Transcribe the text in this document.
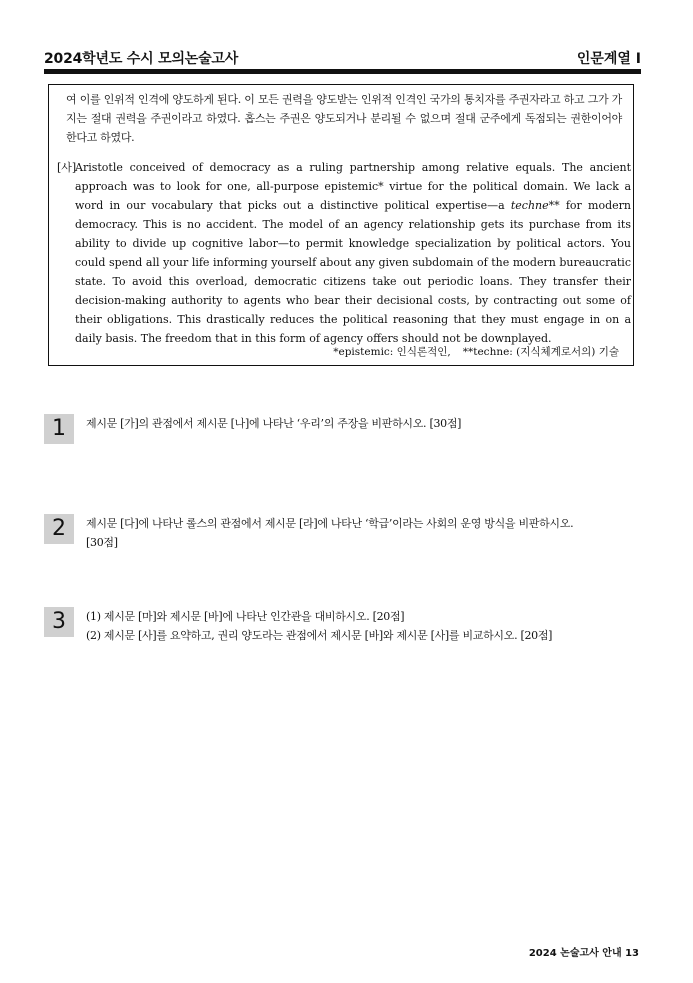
2024학년도 수시 모의논술고사	인문계열 I
여 이를 인위적 인격에 양도하게 된다. 이 모든 권력을 양도받는 인위적 인격인 국가의 통치자를 주권자라고 하고 그가 가지는 절대 권력을 주권이라고 하였다. 홉스는 주권은 양도되거나 분리될 수 없으며 절대 군주에게 독점되는 권한이어야 한다고 하였다.
[사]
Aristotle conceived of democracy as a ruling partnership among relative equals. The ancient approach was to look for one, all-purpose epistemic* virtue for the political domain. We lack a word in our vocabulary that picks out a distinctive political expertise—a techne** for modern democracy. This is no accident. The model of an agency relationship gets its purchase from its ability to divide up cognitive labor—to permit knowledge specialization by political actors. You could spend all your life informing yourself about any given subdomain of the modern bureaucratic state. To avoid this overload, democratic citizens take out periodic loans. They transfer their decision-making authority to agents who bear their decisional costs, by contracting out some of their obligations. This drastically reduces the political reasoning that they must engage in on a daily basis. The freedom that in this form of agency offers should not be downplayed.
*epistemic: 인식론적인, **techne: (지식체계로서의) 기술
1	제시문 [가]의 관점에서 제시문 [나]에 나타난 ‘우리’의 주장을 비판하시오. [30점]
2	제시문 [다]에 나타난 롤스의 관점에서 제시문 [라]에 나타난 ‘학급’이라는 사회의 운영 방식을 비판하시오.
[30점]
3	(1) 제시문 [마]와 제시문 [바]에 나타난 인간관을 대비하시오. [20점]
(2) 제시문 [사]를 요약하고, 권리 양도라는 관점에서 제시문 [바]와 제시문 [사]를 비교하시오. [20점]
2024 논술고사 안내 13
